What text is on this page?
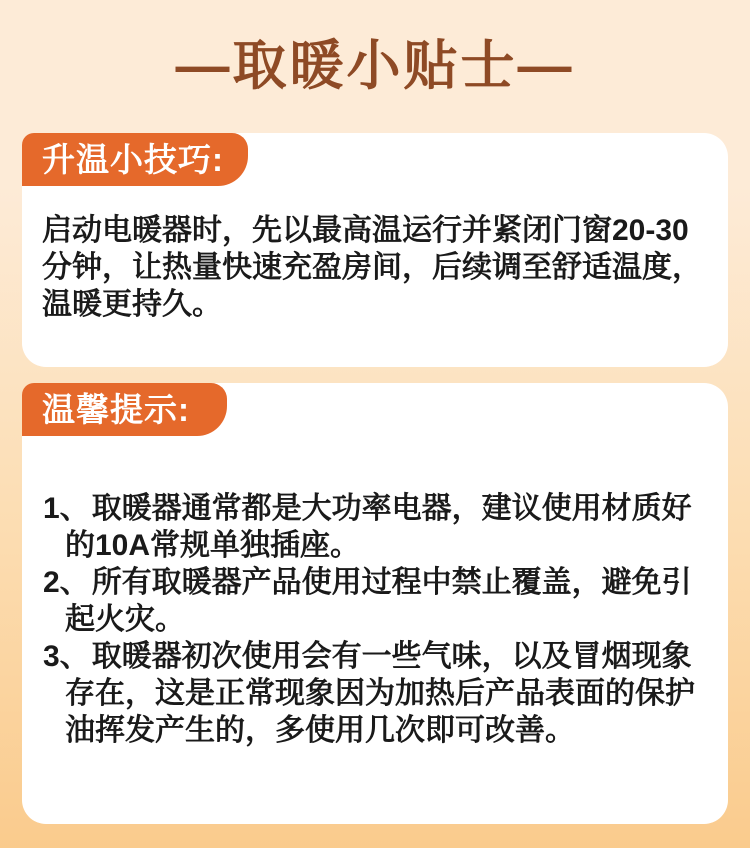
—取暖小贴士—
升温小技巧:
启动电暖器时，先以最高温运行并紧闭门窗20-30分钟，让热量快速充盈房间，后续调至舒适温度，温暖更持久。
温馨提示:
1、取暖器通常都是大功率电器，建议使用材质好的10A常规单独插座。
2、所有取暖器产品使用过程中禁止覆盖，避免引起火灾。
3、取暖器初次使用会有一些气味，以及冒烟现象存在，这是正常现象因为加热后产品表面的保护油挥发产生的，多使用几次即可改善。
